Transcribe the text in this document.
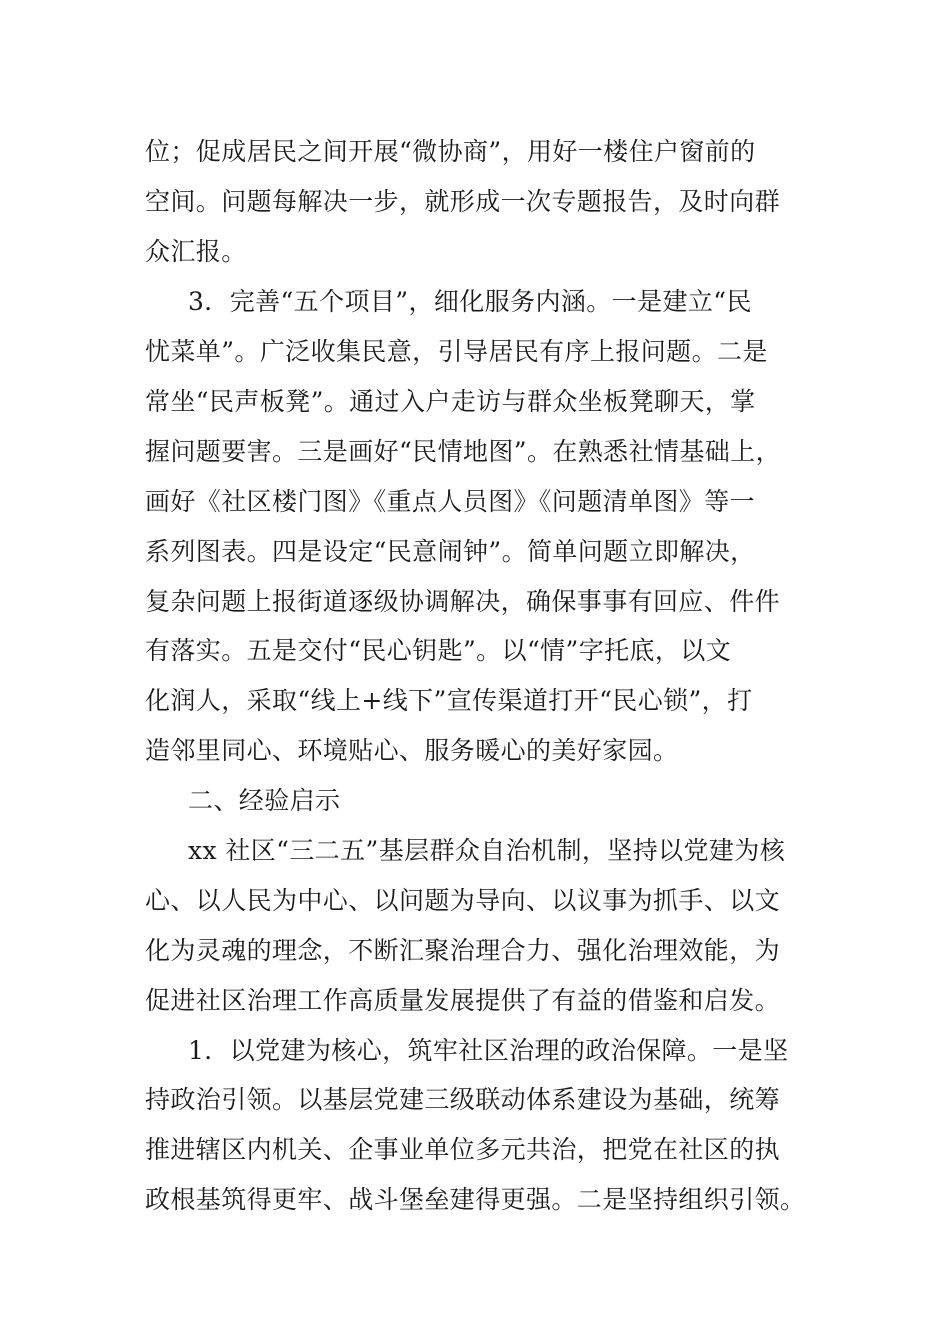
位；促成居民之间开展“微协商”，用好一楼住户窗前的
空间。问题每解决一步，就形成一次专题报告，及时向群
众汇报。
3．完善“五个项目”，细化服务内涵。一是建立“民
忧菜单”。广泛收集民意，引导居民有序上报问题。二是
常坐“民声板凳”。通过入户走访与群众坐板凳聊天，掌
握问题要害。三是画好“民情地图”。在熟悉社情基础上，
画好《社区楼门图》《重点人员图》《问题清单图》等一
系列图表。四是设定“民意闹钟”。简单问题立即解决，
复杂问题上报街道逐级协调解决，确保事事有回应、件件
有落实。五是交付“民心钥匙”。以“情”字托底，以文
化润人，采取“线上+线下”宣传渠道打开“民心锁”，打
造邻里同心、环境贴心、服务暖心的美好家园。
二、经验启示
xx 社区“三二五”基层群众自治机制，坚持以党建为核
心、以人民为中心、以问题为导向、以议事为抓手、以文
化为灵魂的理念，不断汇聚治理合力、强化治理效能，为
促进社区治理工作高质量发展提供了有益的借鉴和启发。
1．以党建为核心，筑牢社区治理的政治保障。一是坚
持政治引领。以基层党建三级联动体系建设为基础，统筹
推进辖区内机关、企事业单位多元共治，把党在社区的执
政根基筑得更牢、战斗堡垒建得更强。二是坚持组织引领。
